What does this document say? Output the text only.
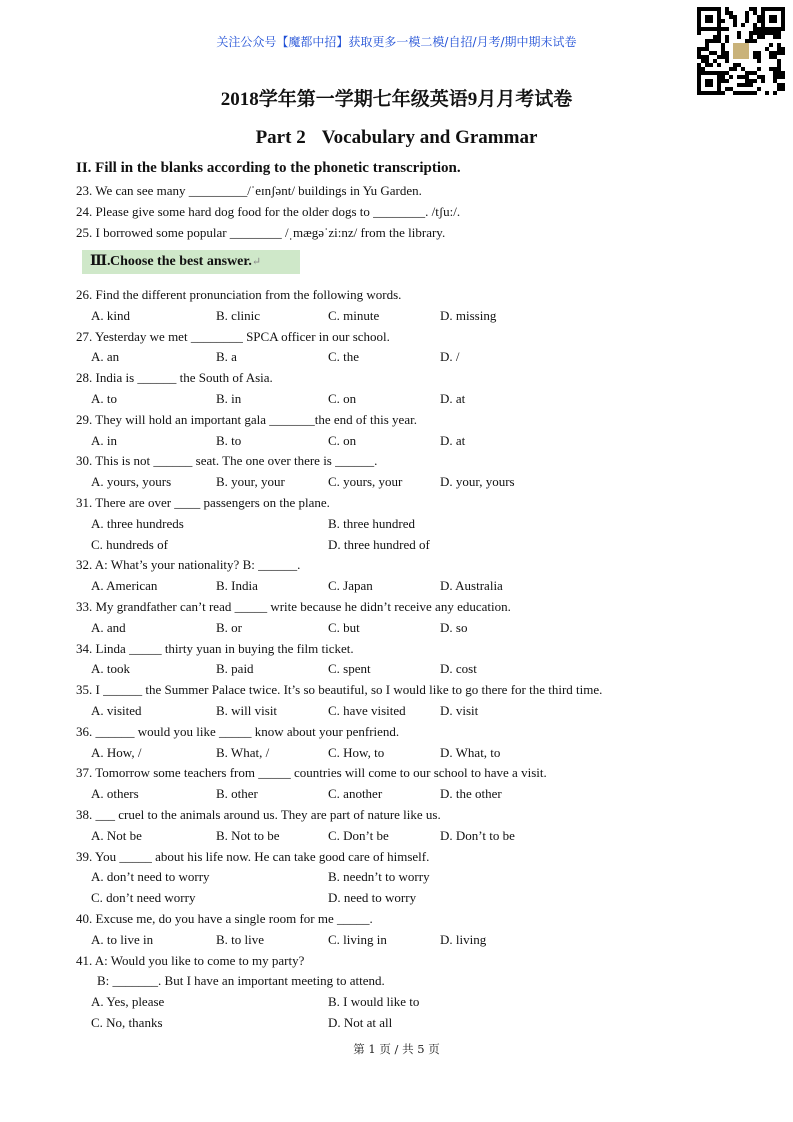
关注公众号【魔都中招】获取更多一模二模/自招/月考/期中期末试卷
2018学年第一学期七年级英语9月月考试卷
Part 2 Vocabulary and Grammar
II. Fill in the blanks according to the phonetic transcription.
23. We can see many _________/ˈeɪnʃənt/ buildings in Yu Garden.
24. Please give some hard dog food for the older dogs to ________. /tʃu:/.
25. I borrowed some popular ________ /ˌmægəˈzi:nz/ from the library.
Ⅲ. Choose the best answer.↵
26. Find the different pronunciation from the following words.
A. kind	B. clinic	C. minute	D. missing
27. Yesterday we met ________ SPCA officer in our school.
A. an	B. a	C. the	D. /
28. India is ______ the South of Asia.
A. to	B. in	C. on	D. at
29. They will hold an important gala _______the end of this year.
A. in	B. to	C. on	D. at
30. This is not ______ seat. The one over there is ______.
A. yours, yours	B. your, your	C. yours, your	D. your, yours
31. There are over ____ passengers on the plane.
A. three hundreds	B. three hundred
C. hundreds of	D. three hundred of
32. A: What’s your nationality? B: ______.
A. American	B. India	C. Japan	D. Australia
33. My grandfather can’t read _____ write because he didn’t receive any education.
A. and	B. or	C. but	D. so
34. Linda _____ thirty yuan in buying the film ticket.
A. took	B. paid	C. spent	D. cost
35. I ______ the Summer Palace twice. It’s so beautiful, so I would like to go there for the third time.
A. visited	B. will visit	C. have visited	D. visit
36. ______ would you like _____ know about your penfriend.
A. How, /	B. What, /	C. How, to	D. What, to
37. Tomorrow some teachers from _____ countries will come to our school to have a visit.
A. others	B. other	C. another	D. the other
38. ___ cruel to the animals around us. They are part of nature like us.
A. Not be	B. Not to be	C. Don’t be	D. Don’t to be
39. You _____ about his life now. He can take good care of himself.
A. don’t need to worry	B. needn’t to worry
C. don’t need worry	D. need to worry
40. Excuse me, do you have a single room for me _____.
A. to live in	B. to live	C. living in	D. living
41. A: Would you like to come to my party?
B: _______. But I have an important meeting to attend.
A. Yes, please	B. I would like to
C. No, thanks	D. Not at all
第 1 页 / 共 5 页
